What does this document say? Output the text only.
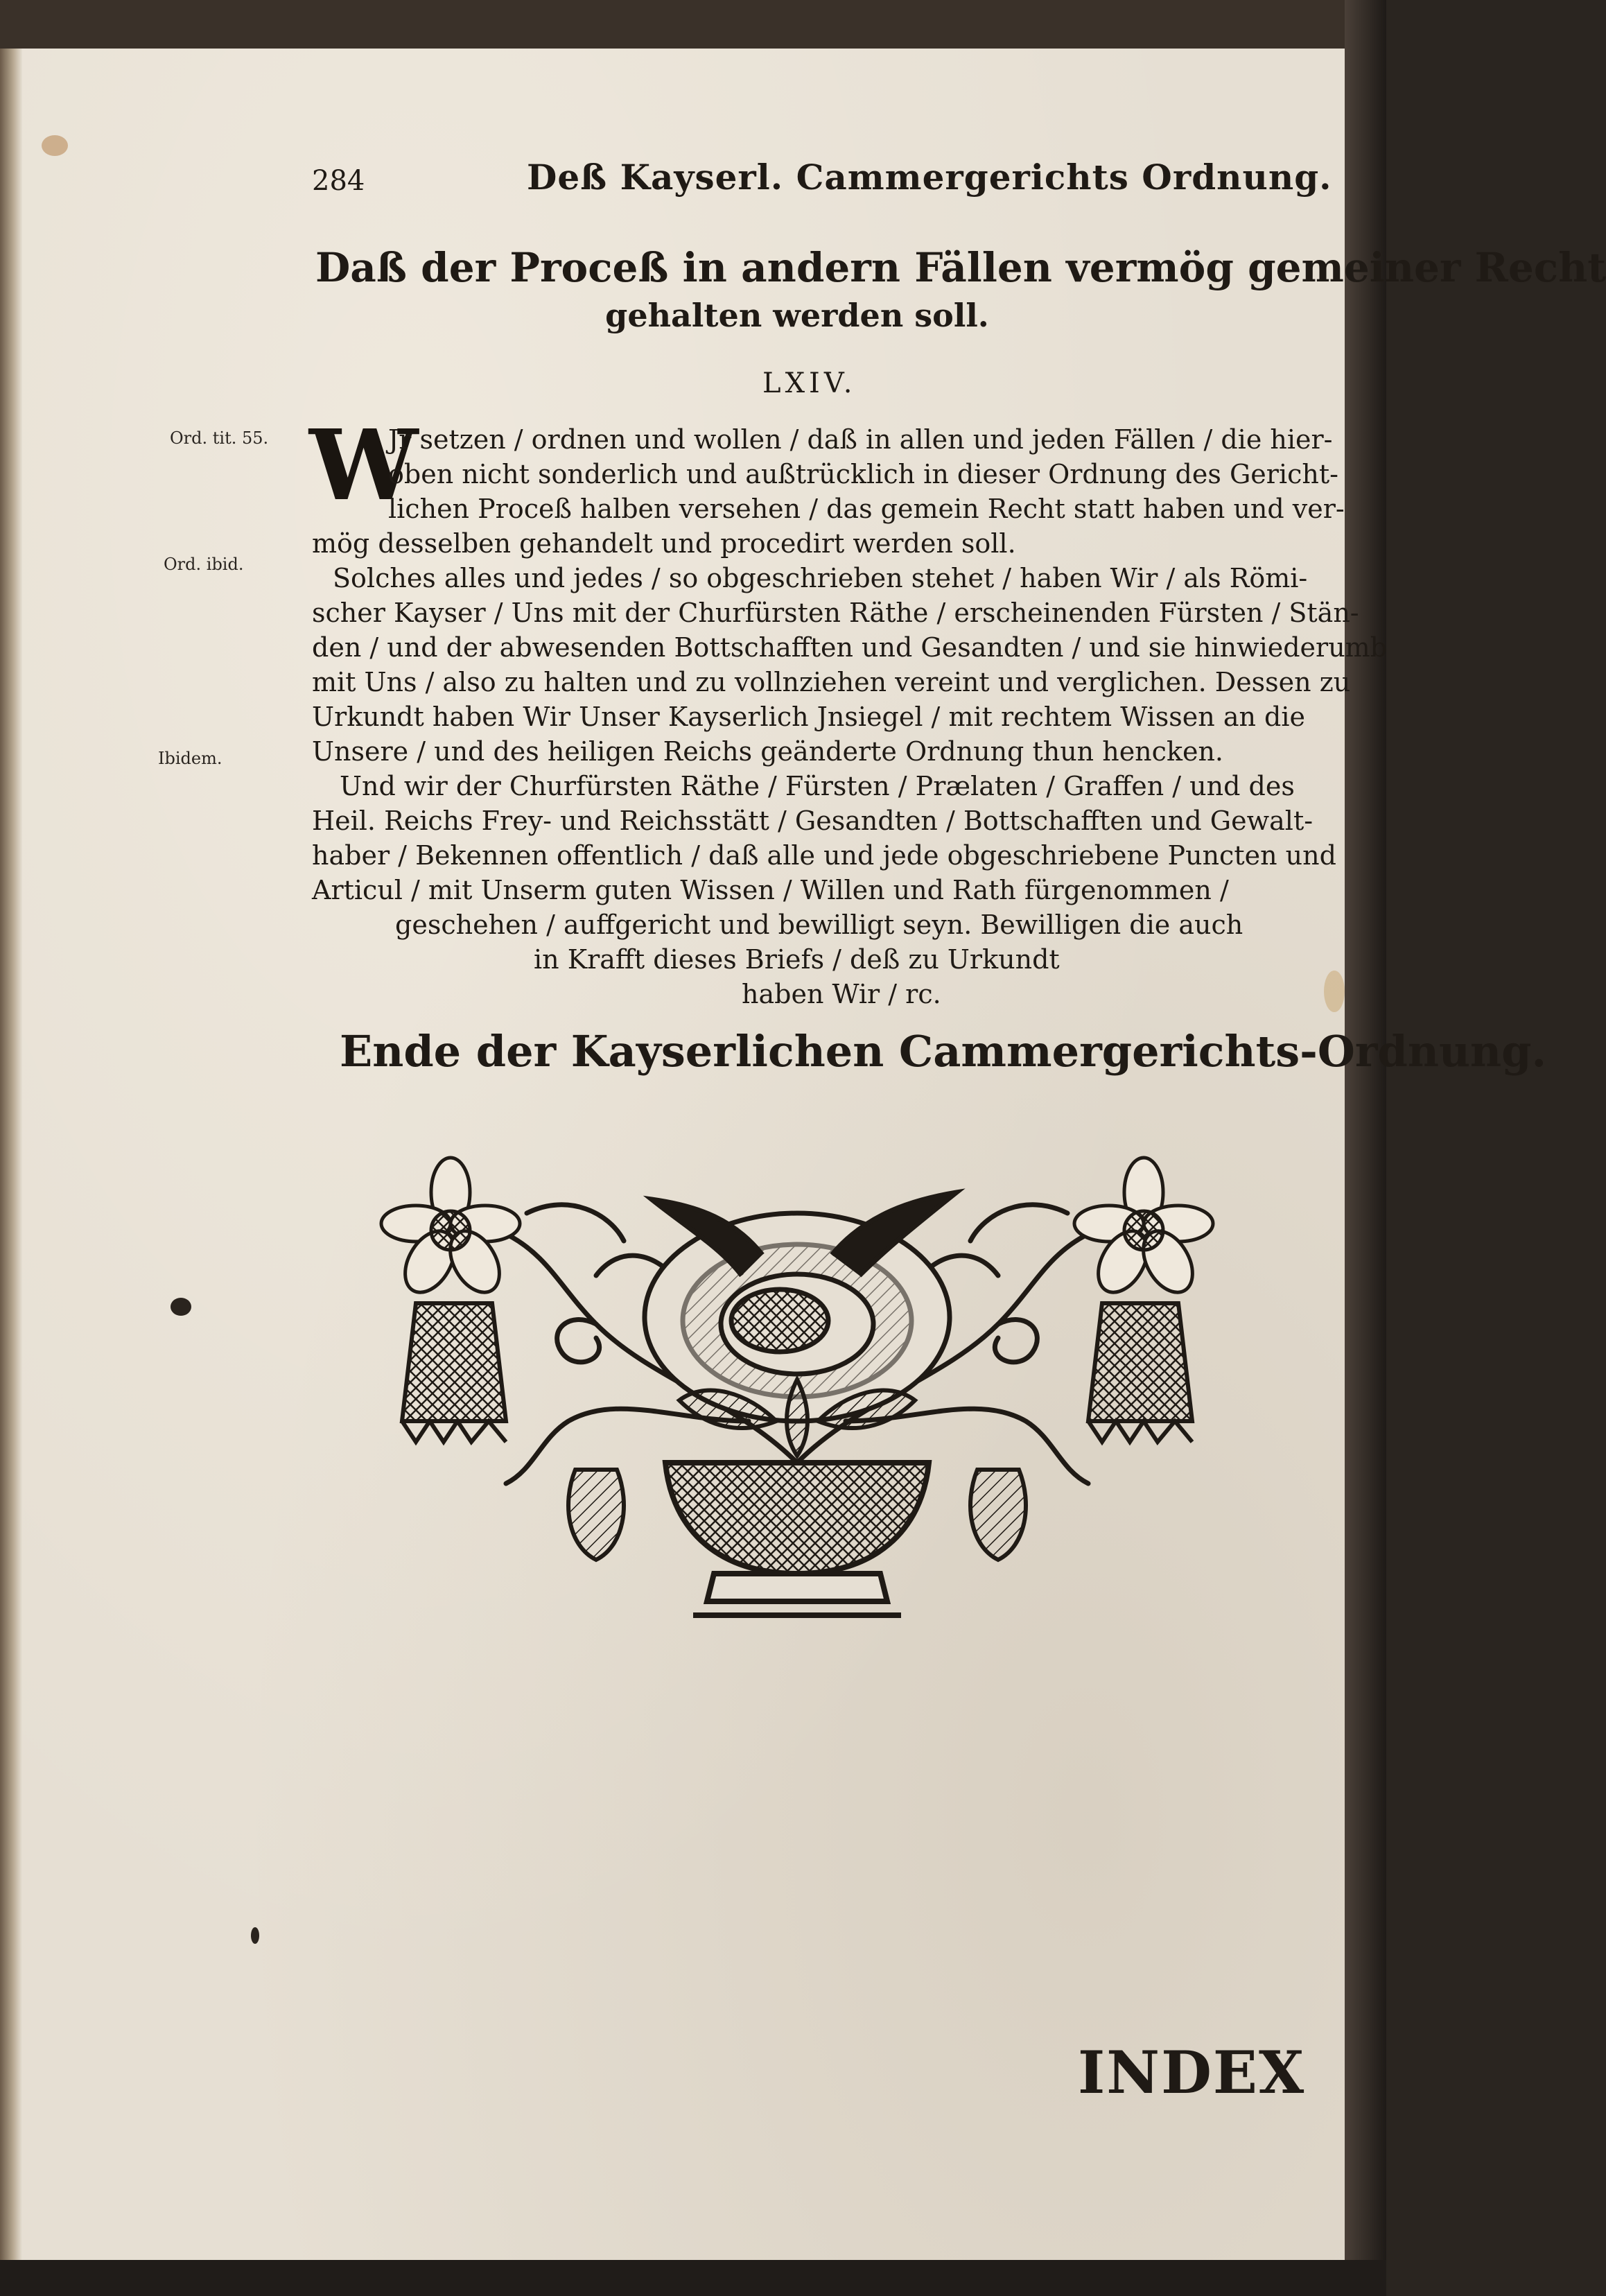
284	Deß Kayserl. Cammergerichts Ordnung.
Daß der Proceß in andern Fällen vermög gemeiner Recht
gehalten werden soll.
LXIV.
Ord. tit. 55.
Ord. ibid.
Ibidem.
W
Jr setzen / ordnen und wollen / daß in allen und jeden Fällen / die hier-
oben nicht sonderlich und außtrücklich in dieser Ordnung des Gericht-
lichen Proceß halben versehen / das gemein Recht statt haben und ver-
mög desselben gehandelt und procedirt werden soll.
Solches alles und jedes / so obgeschrieben stehet / haben Wir / als Römi-
scher Kayser / Uns mit der Churfürsten Räthe / erscheinenden Fürsten / Stän-
den / und der abwesenden Bottschafften und Gesandten / und sie hinwiederumb
mit Uns / also zu halten und zu vollnziehen vereint und verglichen. Dessen zu
Urkundt haben Wir Unser Kayserlich Jnsiegel / mit rechtem Wissen an die
Unsere / und des heiligen Reichs geänderte Ordnung thun hencken.
Und wir der Churfürsten Räthe / Fürsten / Prælaten / Graffen / und des
Heil. Reichs Frey- und Reichsstätt / Gesandten / Bottschafften und Gewalt-
haber / Bekennen offentlich / daß alle und jede obgeschriebene Puncten und
Articul / mit Unserm guten Wissen / Willen und Rath fürgenommen /
geschehen / auffgericht und bewilligt seyn. Bewilligen die auch
in Krafft dieses Briefs / deß zu Urkundt
haben Wir / rc.
Ende der Kayserlichen Cammergerichts-Ordnung.
INDEX
